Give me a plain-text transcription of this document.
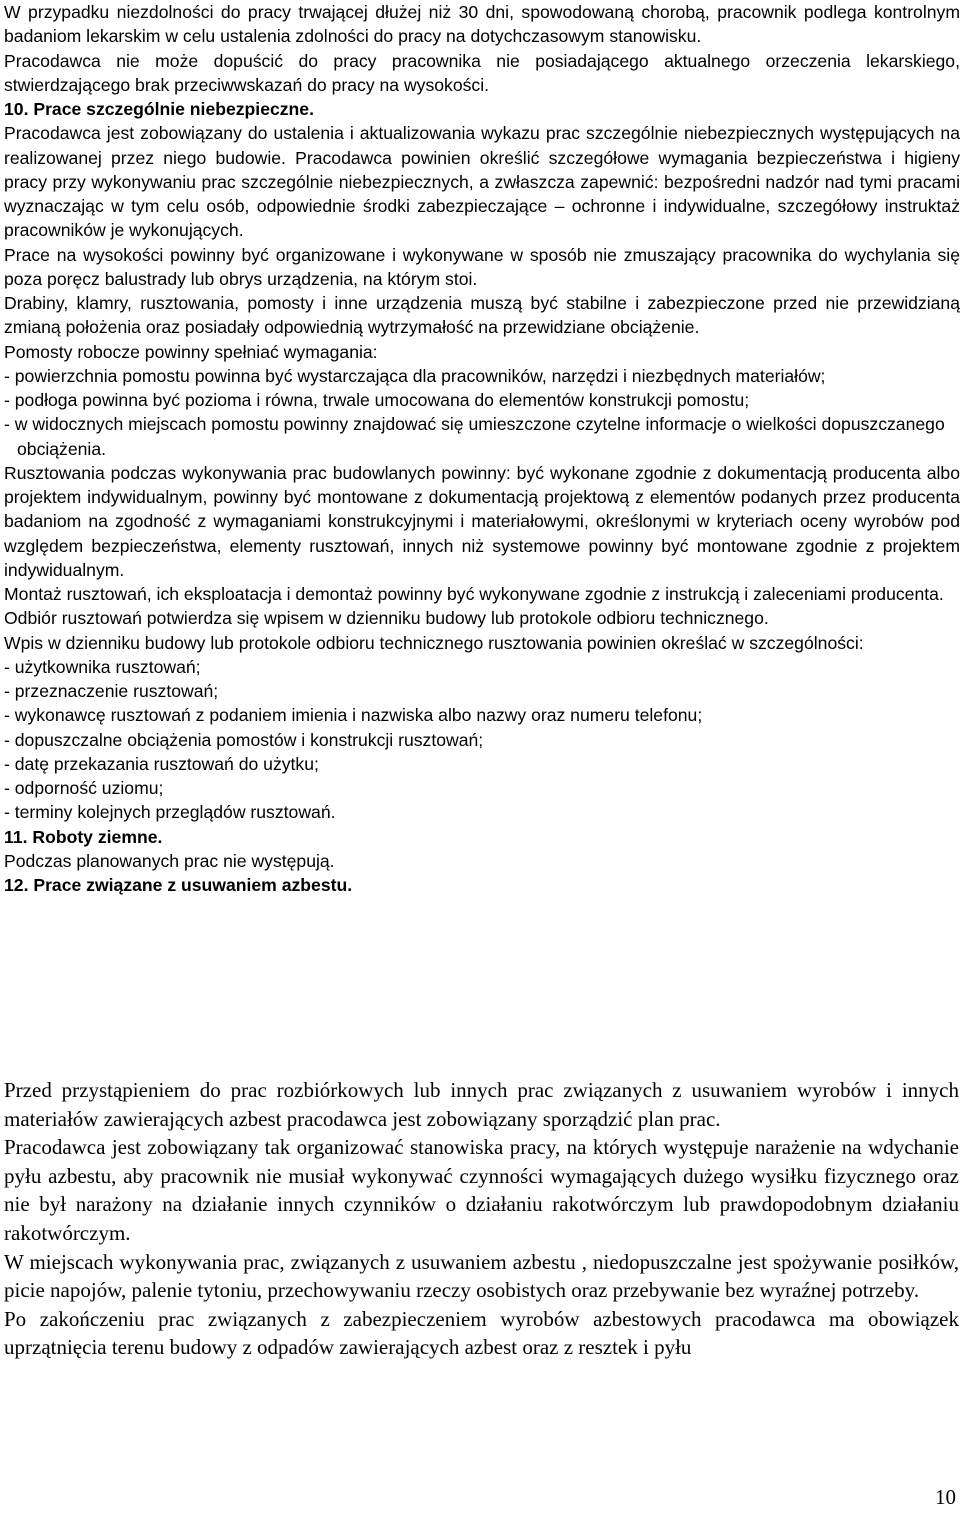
W przypadku niezdolności do pracy trwającej dłużej niż 30 dni, spowodowaną chorobą, pracownik podlega kontrolnym badaniom lekarskim w celu ustalenia zdolności do pracy na dotychczasowym stanowisku.

Pracodawca nie może dopuścić do pracy pracownika nie posiadającego aktualnego orzeczenia lekarskiego, stwierdzającego brak przeciwwskazań do pracy na wysokości.

10. Prace szczególnie niebezpieczne.

Pracodawca jest zobowiązany do ustalenia i aktualizowania wykazu prac szczególnie niebezpiecznych występujących na realizowanej przez niego budowie. Pracodawca powinien określić szczegółowe wymagania bezpieczeństwa i higieny pracy przy wykonywaniu prac szczególnie niebezpiecznych, a zwłaszcza zapewnić: bezpośredni nadzór nad tymi pracami wyznaczając w tym celu osób, odpowiednie środki zabezpieczające – ochronne i indywidualne, szczegółowy instruktaż pracowników je wykonujących.

Prace na wysokości powinny być organizowane i wykonywane w sposób nie zmuszający pracownika do wychylania się poza poręcz balustrady lub obrys urządzenia, na którym stoi.

Drabiny, klamry, rusztowania, pomosty i inne urządzenia muszą być stabilne i zabezpieczone przed nie przewidzianą zmianą położenia oraz posiadały odpowiednią wytrzymałość na przewidziane obciążenie.

Pomosty robocze powinny spełniać wymagania:

- powierzchnia pomostu powinna być wystarczająca dla pracowników, narzędzi i niezbędnych materiałów;

- podłoga powinna być pozioma i równa, trwale umocowana do elementów konstrukcji pomostu;

- w widocznych miejscach pomostu powinny znajdować się umieszczone czytelne informacje o wielkości dopuszczanego obciążenia.

Rusztowania podczas wykonywania prac budowlanych powinny: być wykonane zgodnie z dokumentacją producenta albo projektem indywidualnym, powinny być montowane z dokumentacją projektową z elementów podanych przez producenta badaniom na zgodność z wymaganiami konstrukcyjnymi i materiałowymi, określonymi w kryteriach oceny wyrobów pod względem bezpieczeństwa, elementy rusztowań, innych niż systemowe powinny być montowane zgodnie z projektem indywidualnym.

Montaż rusztowań, ich eksploatacja i demontaż powinny być wykonywane zgodnie z instrukcją i zaleceniami producenta.

Odbiór rusztowań potwierdza się wpisem w dzienniku budowy lub protokole odbioru technicznego.

Wpis w dzienniku budowy lub protokole odbioru technicznego rusztowania powinien określać w szczególności:

- użytkownika rusztowań;

- przeznaczenie rusztowań;

- wykonawcę rusztowań z podaniem imienia i nazwiska albo nazwy oraz numeru telefonu;

- dopuszczalne obciążenia pomostów i konstrukcji rusztowań;

- datę przekazania rusztowań do użytku;

- odporność uziomu;

- terminy kolejnych przeglądów rusztowań.

11. Roboty ziemne.

Podczas planowanych prac nie występują.

12. Prace związane z usuwaniem azbestu.

Przed przystąpieniem do prac rozbiórkowych lub innych prac związanych z usuwaniem wyrobów i innych materiałów zawierających azbest pracodawca jest zobowiązany sporządzić plan prac.

Pracodawca jest zobowiązany tak organizować stanowiska pracy, na których występuje narażenie na wdychanie pyłu azbestu, aby pracownik nie musiał wykonywać czynności wymagających dużego wysiłku fizycznego oraz nie był narażony na działanie innych czynników o działaniu rakotwórczym lub prawdopodobnym działaniu rakotwórczym.

W miejscach wykonywania prac, związanych z usuwaniem azbestu , niedopuszczalne jest spożywanie posiłków, picie napojów, palenie tytoniu, przechowywaniu rzeczy osobistych oraz przebywanie bez wyraźnej potrzeby.

Po zakończeniu prac związanych z zabezpieczeniem wyrobów azbestowych pracodawca ma obowiązek uprzątnięcia terenu budowy z odpadów zawierających azbest oraz z resztek i pyłu

10
